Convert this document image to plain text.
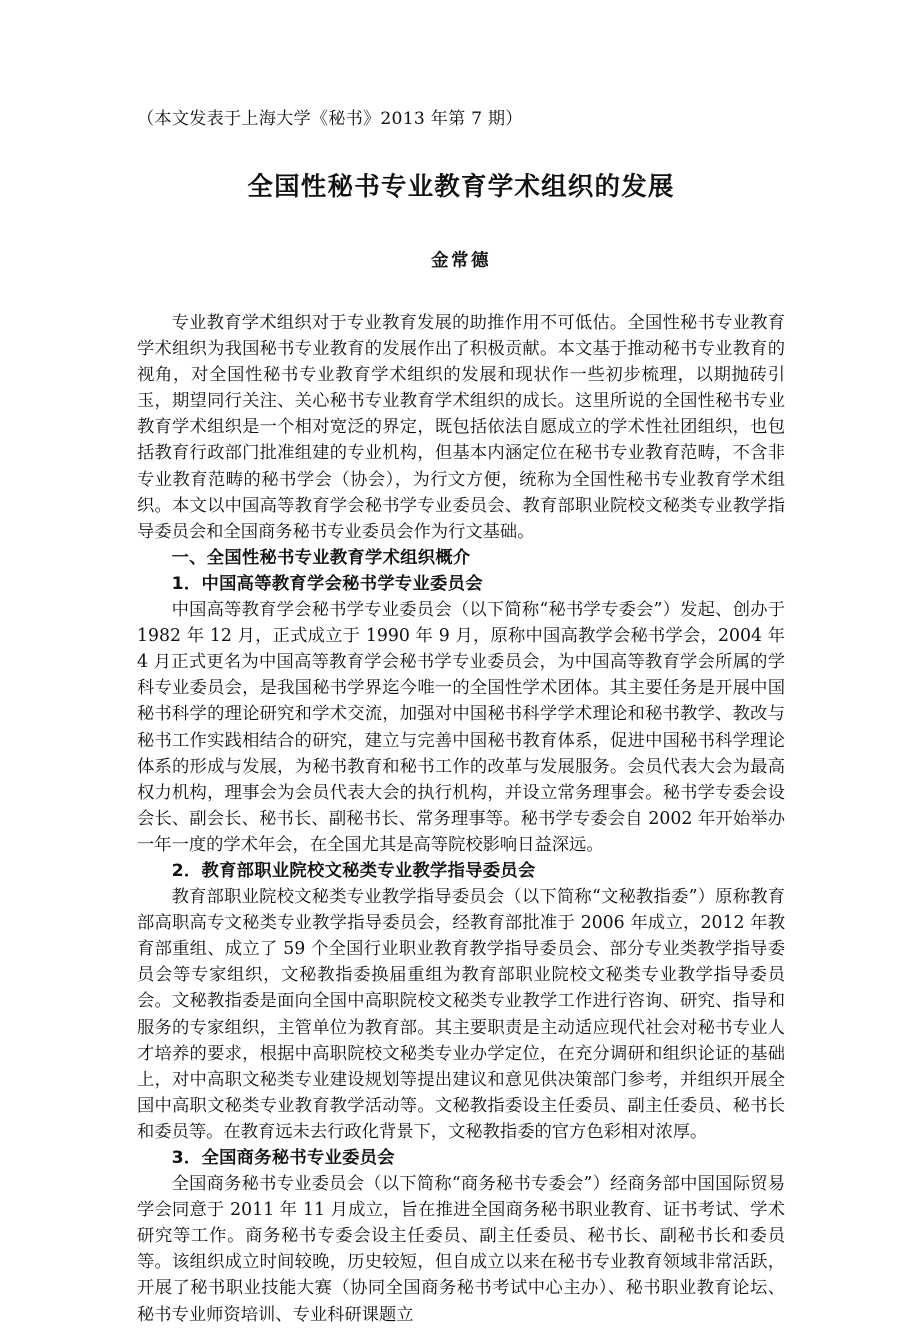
（本文发表于上海大学《秘书》2013 年第 7 期）
全国性秘书专业教育学术组织的发展
金常德

专业教育学术组织对于专业教育发展的助推作用不可低估。全国性秘书专业教育学术组织为我国秘书专业教育的发展作出了积极贡献。本文基于推动秘书专业教育的视角，对全国性秘书专业教育学术组织的发展和现状作一些初步梳理，以期抛砖引玉，期望同行关注、关心秘书专业教育学术组织的成长。这里所说的全国性秘书专业教育学术组织是一个相对宽泛的界定，既包括依法自愿成立的学术性社团组织，也包括教育行政部门批准组建的专业机构，但基本内涵定位在秘书专业教育范畴，不含非专业教育范畴的秘书学会（协会），为行文方便，统称为全国性秘书专业教育学术组织。本文以中国高等教育学会秘书学专业委员会、教育部职业院校文秘类专业教学指导委员会和全国商务秘书专业委员会作为行文基础。

一、全国性秘书专业教育学术组织概介
1．中国高等教育学会秘书学专业委员会

中国高等教育学会秘书学专业委员会（以下简称“秘书学专委会”）发起、创办于 1982 年 12 月，正式成立于 1990 年 9 月，原称中国高教学会秘书学会，2004 年 4 月正式更名为中国高等教育学会秘书学专业委员会，为中国高等教育学会所属的学科专业委员会，是我国秘书学界迄今唯一的全国性学术团体。其主要任务是开展中国秘书科学的理论研究和学术交流，加强对中国秘书科学学术理论和秘书教学、教改与秘书工作实践相结合的研究，建立与完善中国秘书教育体系，促进中国秘书科学理论体系的形成与发展，为秘书教育和秘书工作的改革与发展服务。会员代表大会为最高权力机构，理事会为会员代表大会的执行机构，并设立常务理事会。秘书学专委会设会长、副会长、秘书长、副秘书长、常务理事等。秘书学专委会自 2002 年开始举办一年一度的学术年会，在全国尤其是高等院校影响日益深远。

2．教育部职业院校文秘类专业教学指导委员会

教育部职业院校文秘类专业教学指导委员会（以下简称“文秘教指委”）原称教育部高职高专文秘类专业教学指导委员会，经教育部批准于 2006 年成立，2012 年教育部重组、成立了 59 个全国行业职业教育教学指导委员会、部分专业类教学指导委员会等专家组织，文秘教指委换届重组为教育部职业院校文秘类专业教学指导委员会。文秘教指委是面向全国中高职院校文秘类专业教学工作进行咨询、研究、指导和服务的专家组织，主管单位为教育部。其主要职责是主动适应现代社会对秘书专业人才培养的要求，根据中高职院校文秘类专业办学定位，在充分调研和组织论证的基础上，对中高职文秘类专业建设规划等提出建议和意见供决策部门参考，并组织开展全国中高职文秘类专业教育教学活动等。文秘教指委设主任委员、副主任委员、秘书长和委员等。在教育远未去行政化背景下，文秘教指委的官方色彩相对浓厚。

3．全国商务秘书专业委员会

全国商务秘书专业委员会（以下简称“商务秘书专委会”）经商务部中国国际贸易学会同意于 2011 年 11 月成立，旨在推进全国商务秘书职业教育、证书考试、学术研究等工作。商务秘书专委会设主任委员、副主任委员、秘书长、副秘书长和委员等。该组织成立时间较晚，历史较短，但自成立以来在秘书专业教育领域非常活跃，开展了秘书职业技能大赛（协同全国商务秘书考试中心主办）、秘书职业教育论坛、秘书专业师资培训、专业科研课题立
